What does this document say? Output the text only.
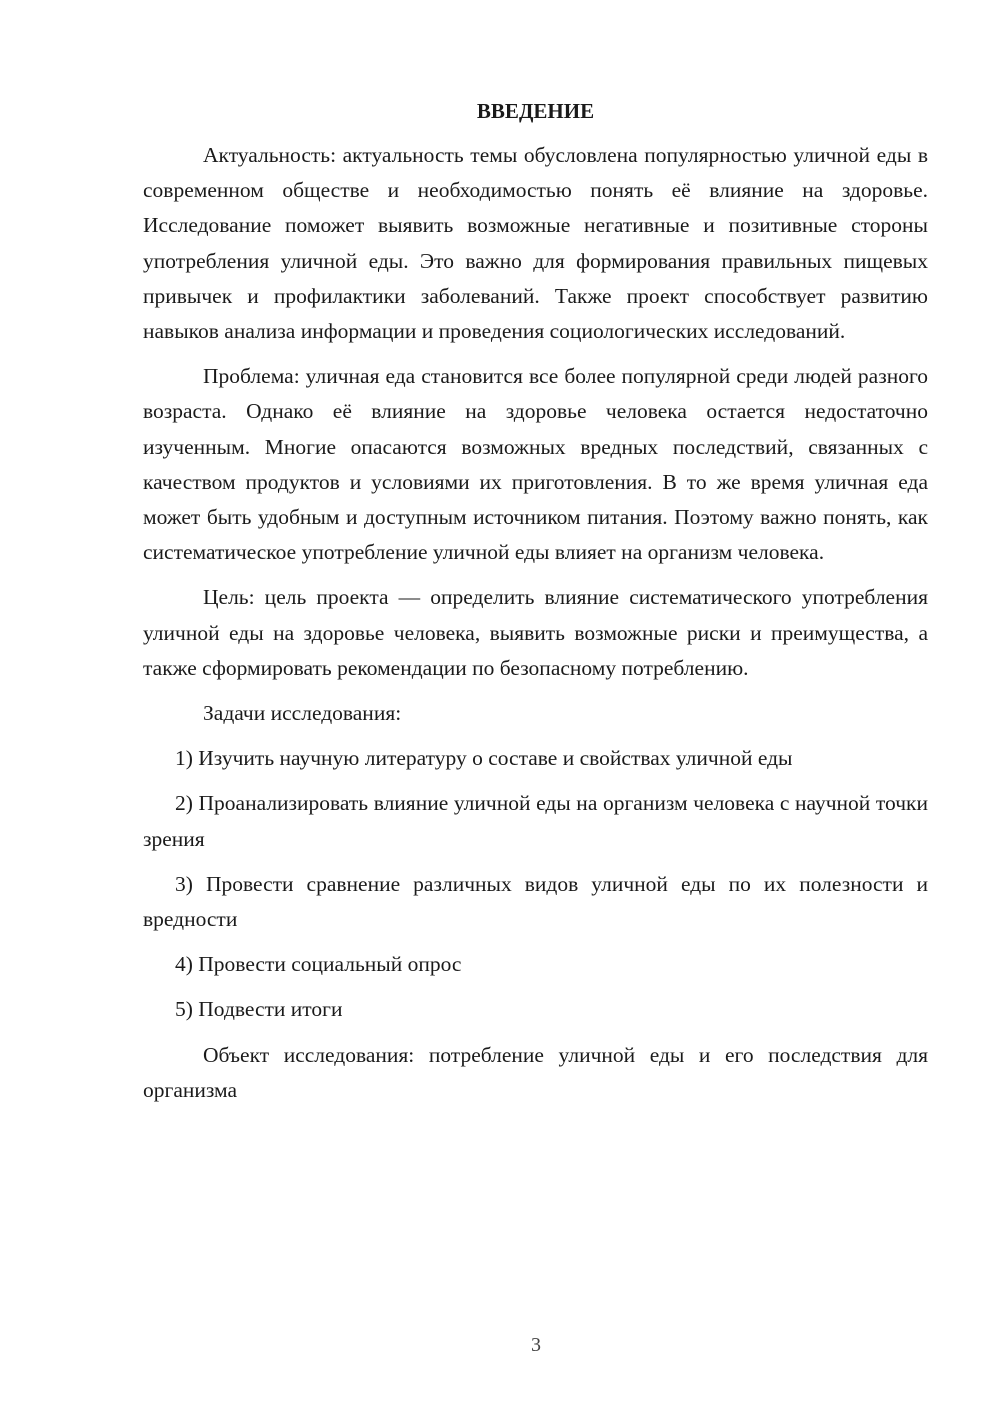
ВВЕДЕНИЕ

Актуальность: актуальность темы обусловлена популярностью уличной еды в современном обществе и необходимостью понять её влияние на здоровье. Исследование поможет выявить возможные негативные и позитивные стороны употребления уличной еды. Это важно для формирования правильных пищевых привычек и профилактики заболеваний. Также проект способствует развитию навыков анализа информации и проведения социологических исследований.

Проблема: уличная еда становится все более популярной среди людей разного возраста. Однако её влияние на здоровье человека остается недостаточно изученным. Многие опасаются возможных вредных последствий, связанных с качеством продуктов и условиями их приготовления. В то же время уличная еда может быть удобным и доступным источником питания. Поэтому важно понять, как систематическое употребление уличной еды влияет на организм человека.

Цель: цель проекта — определить влияние систематического употребления уличной еды на здоровье человека, выявить возможные риски и преимущества, а также сформировать рекомендации по безопасному потреблению.

Задачи исследования:

1) Изучить научную литературу о составе и свойствах уличной еды

2) Проанализировать влияние уличной еды на организм человека с научной точки зрения

3) Провести сравнение различных видов уличной еды по их полезности и вредности

4) Провести социальный опрос

5) Подвести итоги

Объект исследования: потребление уличной еды и его последствия для организма

3
